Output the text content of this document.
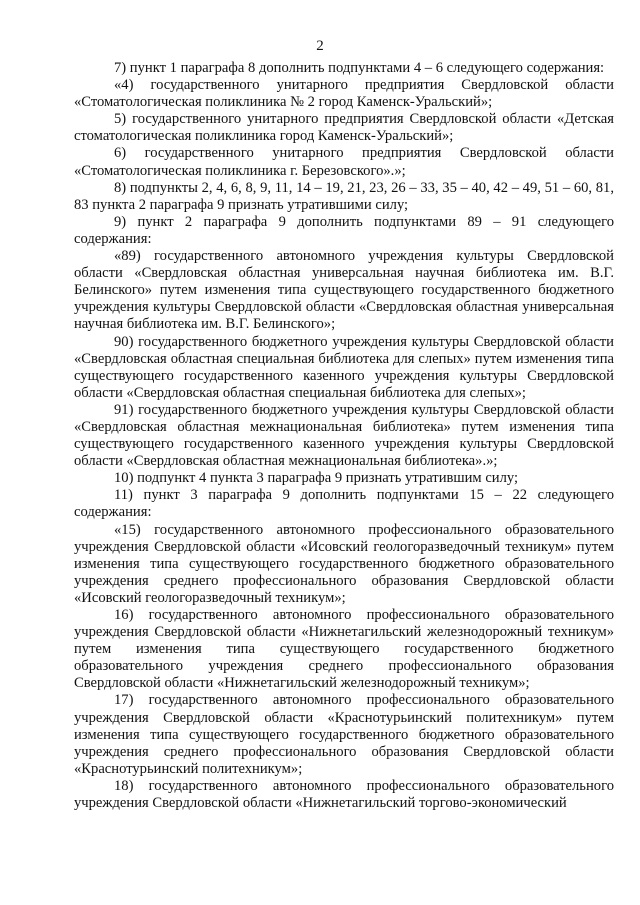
2

7) пункт 1 параграфа 8 дополнить подпунктами 4 – 6 следующего содержания:

«4) государственного унитарного предприятия Свердловской области «Стоматологическая поликлиника № 2 город Каменск-Уральский»;

5) государственного унитарного предприятия Свердловской области «Детская стоматологическая поликлиника город Каменск-Уральский»;

6) государственного унитарного предприятия Свердловской области «Стоматологическая поликлиника г. Березовского».»;

8) подпункты 2, 4, 6, 8, 9, 11, 14 – 19, 21, 23, 26 – 33, 35 – 40, 42 – 49, 51 – 60, 81, 83 пункта 2 параграфа 9 признать утратившими силу;

9) пункт 2 параграфа 9 дополнить подпунктами 89 – 91 следующего содержания:

«89) государственного автономного учреждения культуры Свердловской области «Свердловская областная универсальная научная библиотека им. В.Г. Белинского» путем изменения типа существующего государственного бюджетного учреждения культуры Свердловской области «Свердловская областная универсальная научная библиотека им. В.Г. Белинского»;

90) государственного бюджетного учреждения культуры Свердловской области «Свердловская областная специальная библиотека для слепых» путем изменения типа существующего государственного казенного учреждения культуры Свердловской области «Свердловская областная специальная библиотека для слепых»;

91) государственного бюджетного учреждения культуры Свердловской области «Свердловская областная межнациональная библиотека» путем изменения типа существующего государственного казенного учреждения культуры Свердловской области «Свердловская областная межнациональная библиотека».»;

10) подпункт 4 пункта 3 параграфа 9 признать утратившим силу;

11) пункт 3 параграфа 9 дополнить подпунктами 15 – 22 следующего содержания:

«15) государственного автономного профессионального образовательного учреждения Свердловской области «Исовский геологоразведочный техникум» путем изменения типа существующего государственного бюджетного образовательного учреждения среднего профессионального образования Свердловской области «Исовский геологоразведочный техникум»;

16) государственного автономного профессионального образовательного учреждения Свердловской области «Нижнетагильский железнодорожный техникум» путем изменения типа существующего государственного бюджетного образовательного учреждения среднего профессионального образования Свердловской области «Нижнетагильский железнодорожный техникум»;

17) государственного автономного профессионального образовательного учреждения Свердловской области «Краснотурьинский политехникум» путем изменения типа существующего государственного бюджетного образовательного учреждения среднего профессионального образования Свердловской области «Краснотурьинский политехникум»;

18) государственного автономного профессионального образовательного учреждения Свердловской области «Нижнетагильский торгово-экономический
